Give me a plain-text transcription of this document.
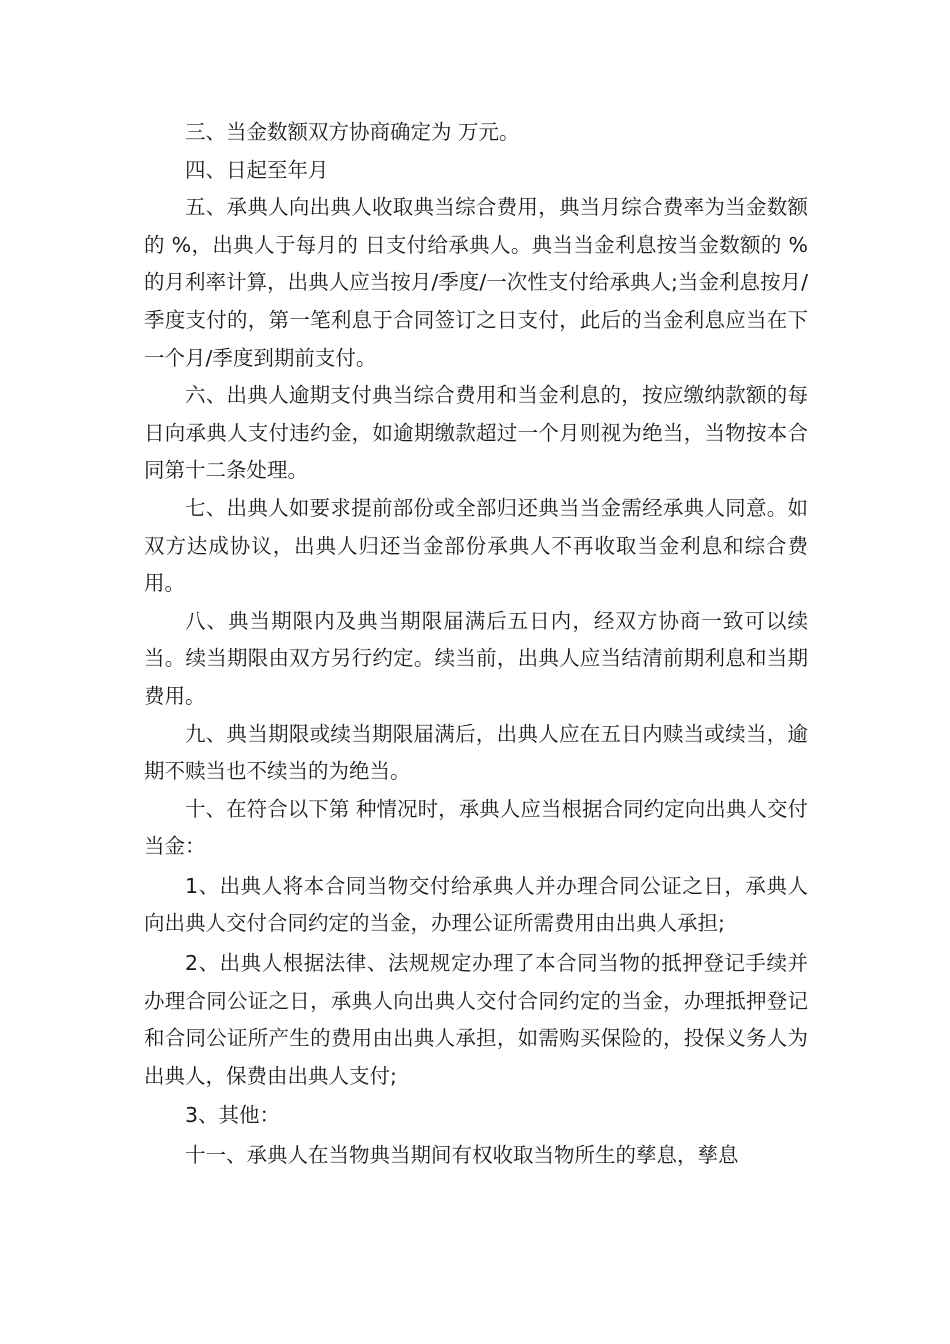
三、当金数额双方协商确定为 万元。

四、日起至年月

五、承典人向出典人收取典当综合费用，典当月综合费率为当金数额的 %，出典人于每月的 日支付给承典人。典当当金利息按当金数额的 %的月利率计算，出典人应当按月/季度/一次性支付给承典人;当金利息按月/季度支付的，第一笔利息于合同签订之日支付，此后的当金利息应当在下一个月/季度到期前支付。

六、出典人逾期支付典当综合费用和当金利息的，按应缴纳款额的每日向承典人支付违约金，如逾期缴款超过一个月则视为绝当，当物按本合同第十二条处理。

七、出典人如要求提前部份或全部归还典当当金需经承典人同意。如双方达成协议，出典人归还当金部份承典人不再收取当金利息和综合费用。

八、典当期限内及典当期限届满后五日内，经双方协商一致可以续当。续当期限由双方另行约定。续当前，出典人应当结清前期利息和当期费用。

九、典当期限或续当期限届满后，出典人应在五日内赎当或续当，逾期不赎当也不续当的为绝当。

十、在符合以下第 种情况时，承典人应当根据合同约定向出典人交付当金：

1、出典人将本合同当物交付给承典人并办理合同公证之日，承典人向出典人交付合同约定的当金，办理公证所需费用由出典人承担;

2、出典人根据法律、法规规定办理了本合同当物的抵押登记手续并办理合同公证之日，承典人向出典人交付合同约定的当金，办理抵押登记和合同公证所产生的费用由出典人承担，如需购买保险的，投保义务人为出典人，保费由出典人支付;

3、其他：

十一、承典人在当物典当期间有权收取当物所生的孳息，孳息
